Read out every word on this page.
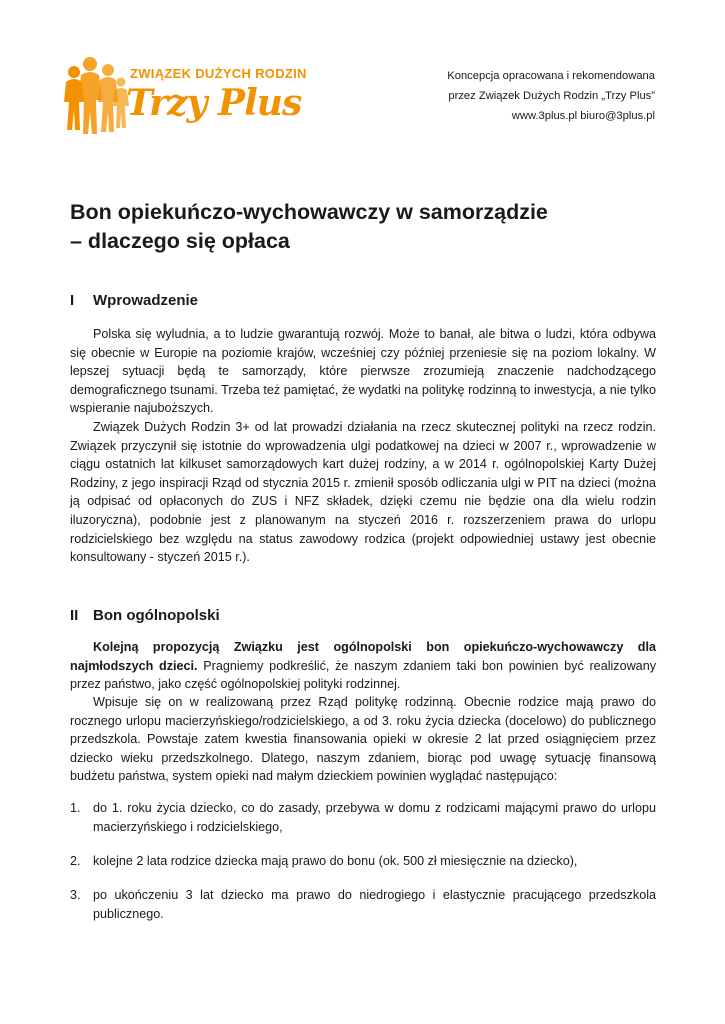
ZWIĄZEK DUŻYCH RODZIN
Trzy Plus
Koncepcja opracowana i rekomendowana
przez Związek Dużych Rodzin „Trzy Plus”
www.3plus.pl biuro@3plus.pl
Bon opiekuńczo-wychowawczy w samorządzie
– dlaczego się opłaca
I Wprowadzenie

Polska się wyludnia, a to ludzie gwarantują rozwój. Może to banał, ale bitwa o ludzi, która odbywa się obecnie w Europie na poziomie krajów, wcześniej czy później przeniesie się na poziom lokalny. W lepszej sytuacji będą te samorządy, które pierwsze zrozumieją znaczenie nadchodzącego demograficznego tsunami. Trzeba też pamiętać, że wydatki na politykę rodzinną to inwestycja, a nie tylko wspieranie najuboższych.

Związek Dużych Rodzin 3+ od lat prowadzi działania na rzecz skutecznej polityki na rzecz rodzin. Związek przyczynił się istotnie do wprowadzenia ulgi podatkowej na dzieci w 2007 r., wprowadzenie w ciągu ostatnich lat kilkuset samorządowych kart dużej rodziny, a w 2014 r. ogólnopolskiej Karty Dużej Rodziny, z jego inspiracji Rząd od stycznia 2015 r. zmienił sposób odliczania ulgi w PIT na dzieci (można ją odpisać od opłaconych do ZUS i NFZ składek, dzięki czemu nie będzie ona dla wielu rodzin iluzoryczna), podobnie jest z planowanym na styczeń 2016 r. rozszerzeniem prawa do urlopu rodzicielskiego bez względu na status zawodowy rodzica (projekt odpowiedniej ustawy jest obecnie konsultowany - styczeń 2015 r.).

II Bon ogólnopolski

Kolejną propozycją Związku jest ogólnopolski bon opiekuńczo-wychowawczy dla najmłodszych dzieci. Pragniemy podkreślić, że naszym zdaniem taki bon powinien być realizowany przez państwo, jako część ogólnopolskiej polityki rodzinnej.

Wpisuje się on w realizowaną przez Rząd politykę rodzinną. Obecnie rodzice mają prawo do rocznego urlopu macierzyńskiego/rodzicielskiego, a od 3. roku życia dziecka (docelowo) do publicznego przedszkola. Powstaje zatem kwestia finansowania opieki w okresie 2 lat przed osiągnięciem przez dziecko wieku przedszkolnego. Dlatego, naszym zdaniem, biorąc pod uwagę sytuację finansową budżetu państwa, system opieki nad małym dzieckiem powinien wyglądać następująco:

1. do 1. roku życia dziecko, co do zasady, przebywa w domu z rodzicami mającymi prawo do urlopu macierzyńskiego i rodzicielskiego,
2. kolejne 2 lata rodzice dziecka mają prawo do bonu (ok. 500 zł miesięcznie na dziecko),
3. po ukończeniu 3 lat dziecko ma prawo do niedrogiego i elastycznie pracującego przedszkola publicznego.
